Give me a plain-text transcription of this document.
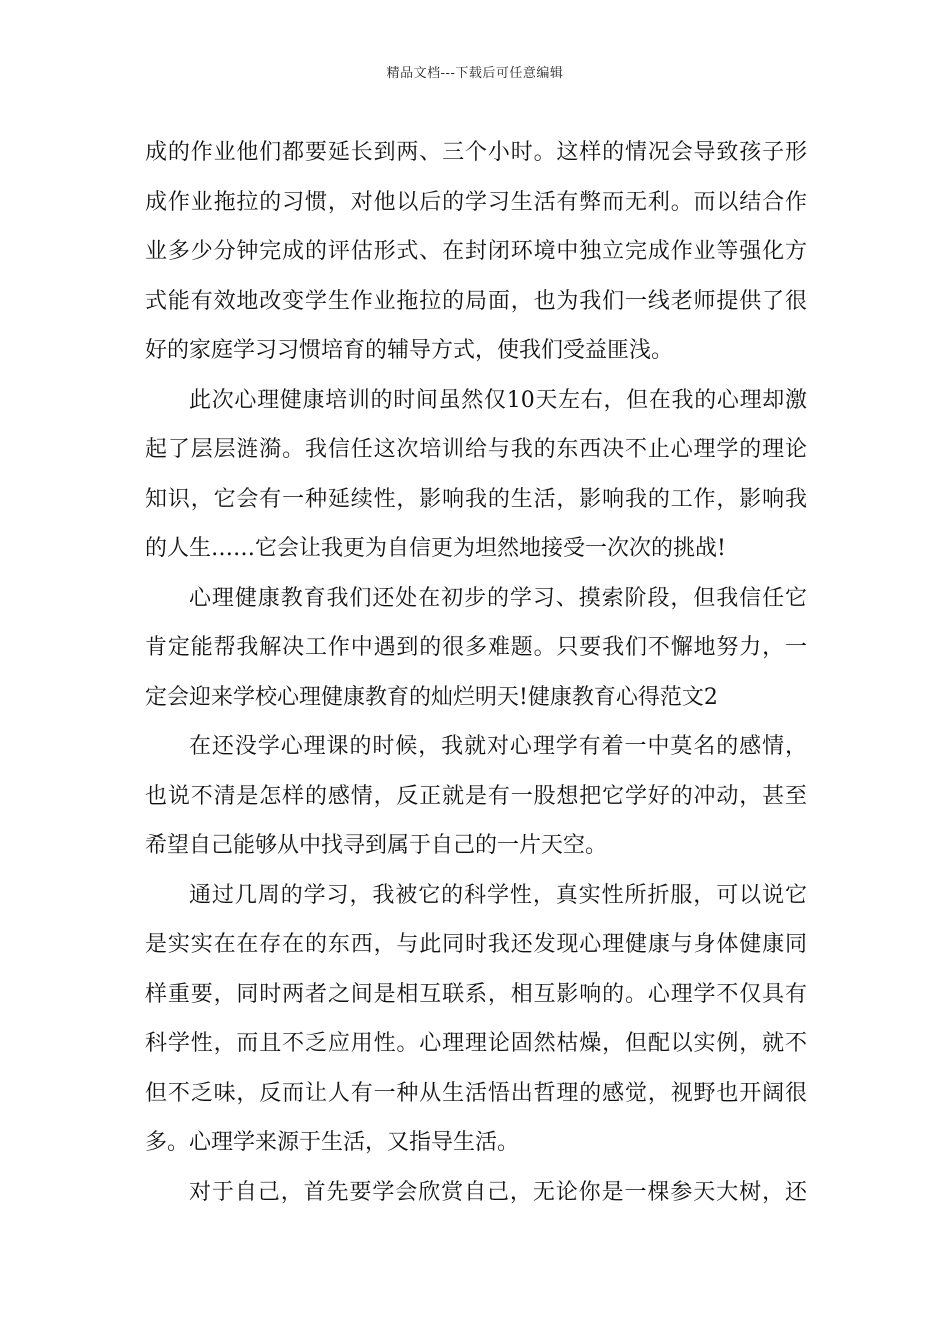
精品文档---下载后可任意编辑
成的作业他们都要延长到两、三个小时。这样的情况会导致孩子形
成作业拖拉的习惯，对他以后的学习生活有弊而无利。而以结合作
业多少分钟完成的评估形式、在封闭环境中独立完成作业等强化方
式能有效地改变学生作业拖拉的局面，也为我们一线老师提供了很
好的家庭学习习惯培育的辅导方式，使我们受益匪浅。
此次心理健康培训的时间虽然仅10天左右，但在我的心理却激
起了层层涟漪。我信任这次培训给与我的东西决不止心理学的理论
知识，它会有一种延续性，影响我的生活，影响我的工作，影响我
的人生……它会让我更为自信更为坦然地接受一次次的挑战!
心理健康教育我们还处在初步的学习、摸索阶段，但我信任它
肯定能帮我解决工作中遇到的很多难题。只要我们不懈地努力，一
定会迎来学校心理健康教育的灿烂明天!健康教育心得范文2
在还没学心理课的时候，我就对心理学有着一中莫名的感情，
也说不清是怎样的感情，反正就是有一股想把它学好的冲动，甚至
希望自己能够从中找寻到属于自己的一片天空。
通过几周的学习，我被它的科学性，真实性所折服，可以说它
是实实在在存在的东西，与此同时我还发现心理健康与身体健康同
样重要，同时两者之间是相互联系，相互影响的。心理学不仅具有
科学性，而且不乏应用性。心理理论固然枯燥，但配以实例，就不
但不乏味，反而让人有一种从生活悟出哲理的感觉，视野也开阔很
多。心理学来源于生活，又指导生活。
对于自己，首先要学会欣赏自己，无论你是一棵参天大树，还
